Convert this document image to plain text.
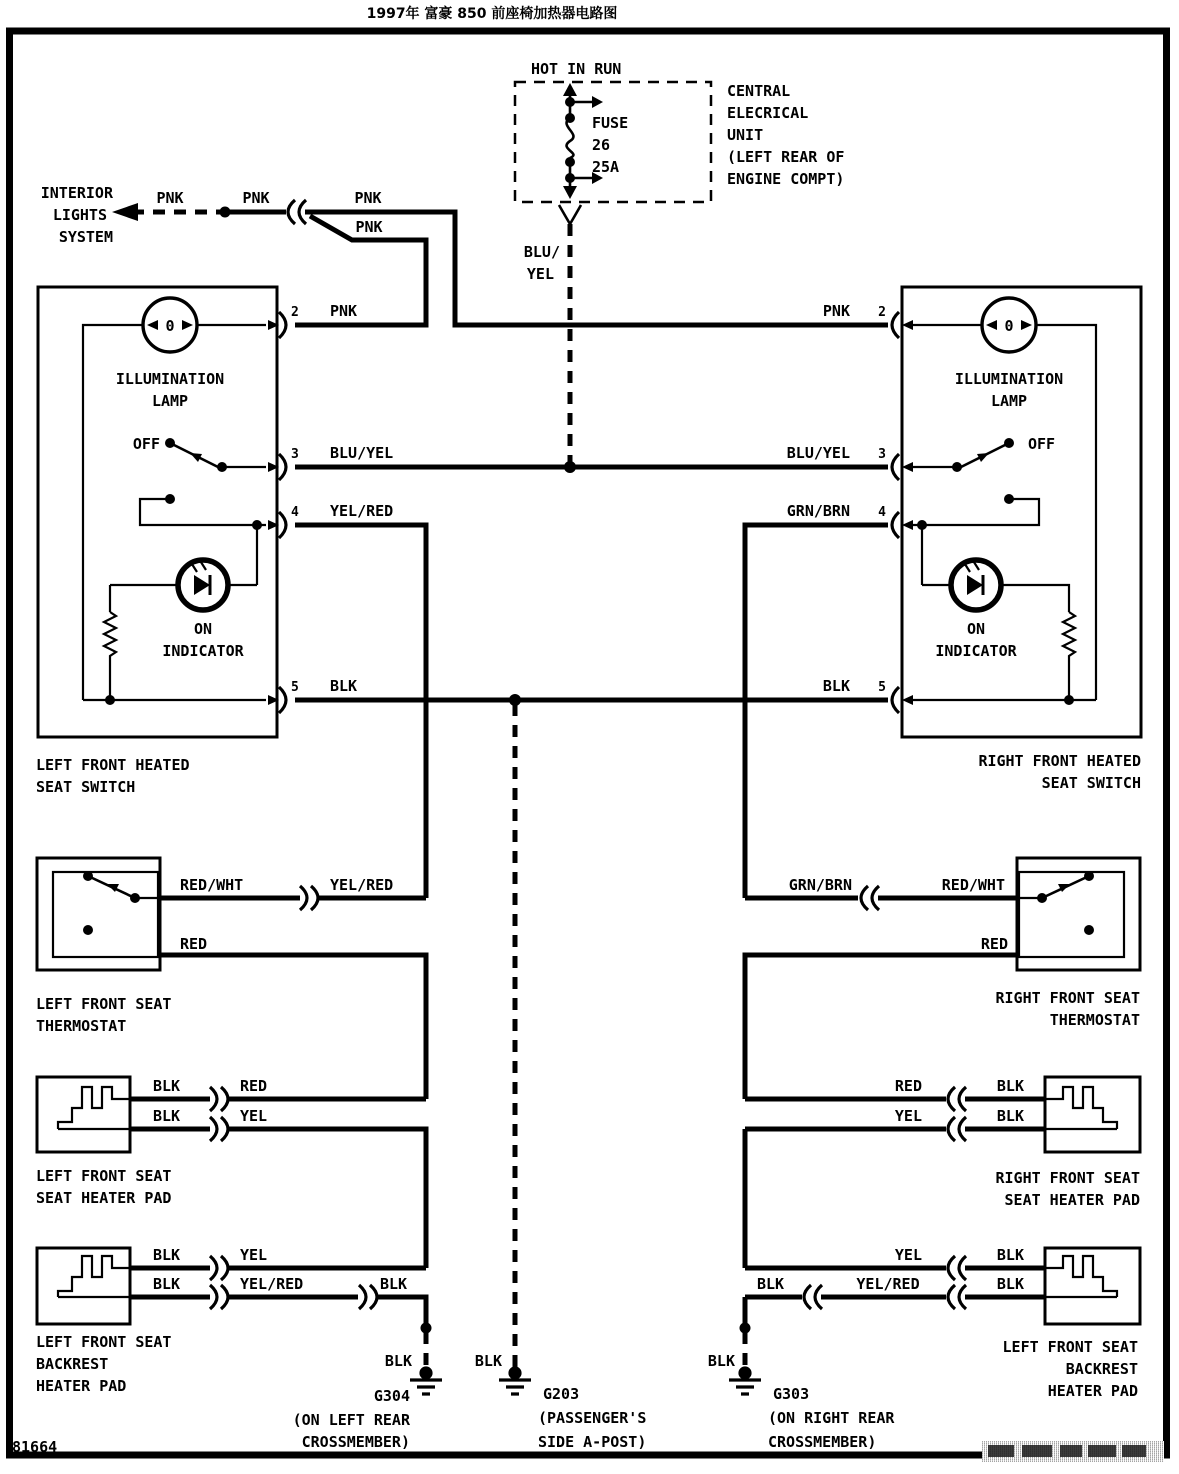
1997年 富豪 850 前座椅加热器电路图
HOT IN RUN
CENTRAL
ELECRICAL
UNIT
(LEFT REAR OF
ENGINE COMPT)
FUSE
26
25A
BLU/
YEL
INTERIOR
LIGHTS
SYSTEM
PNK	PNK	PNK
PNK
2 PNK	PNK 2
3 BLU/YEL	BLU/YEL 3
4 YEL/RED	GRN/BRN 4
5 BLK	BLK 5
0	0
ILLUMINATION
LAMP
ILLUMINATION
LAMP
OFF	OFF
ON
INDICATOR
ON
INDICATOR
LEFT FRONT HEATED
SEAT SWITCH
RIGHT FRONT HEATED
SEAT SWITCH
RED/WHT	YEL/RED
RED
GRN/BRN	RED/WHT
RED
LEFT FRONT SEAT
THERMOSTAT
RIGHT FRONT SEAT
THERMOSTAT
BLK	RED
BLK	YEL
RED	BLK
YEL	BLK
LEFT FRONT SEAT
SEAT HEATER PAD
RIGHT FRONT SEAT
SEAT HEATER PAD
BLK	YEL
BLK	YEL/RED	BLK
YEL	BLK
BLK	YEL/RED	BLK
LEFT FRONT SEAT
BACKREST
HEATER PAD
LEFT FRONT SEAT
BACKREST
HEATER PAD
BLK
G304
(ON LEFT REAR
CROSSMEMBER)
BLK
G203
(PASSENGER'S
SIDE A-POST)
BLK
G303
(ON RIGHT REAR
CROSSMEMBER)
81664
